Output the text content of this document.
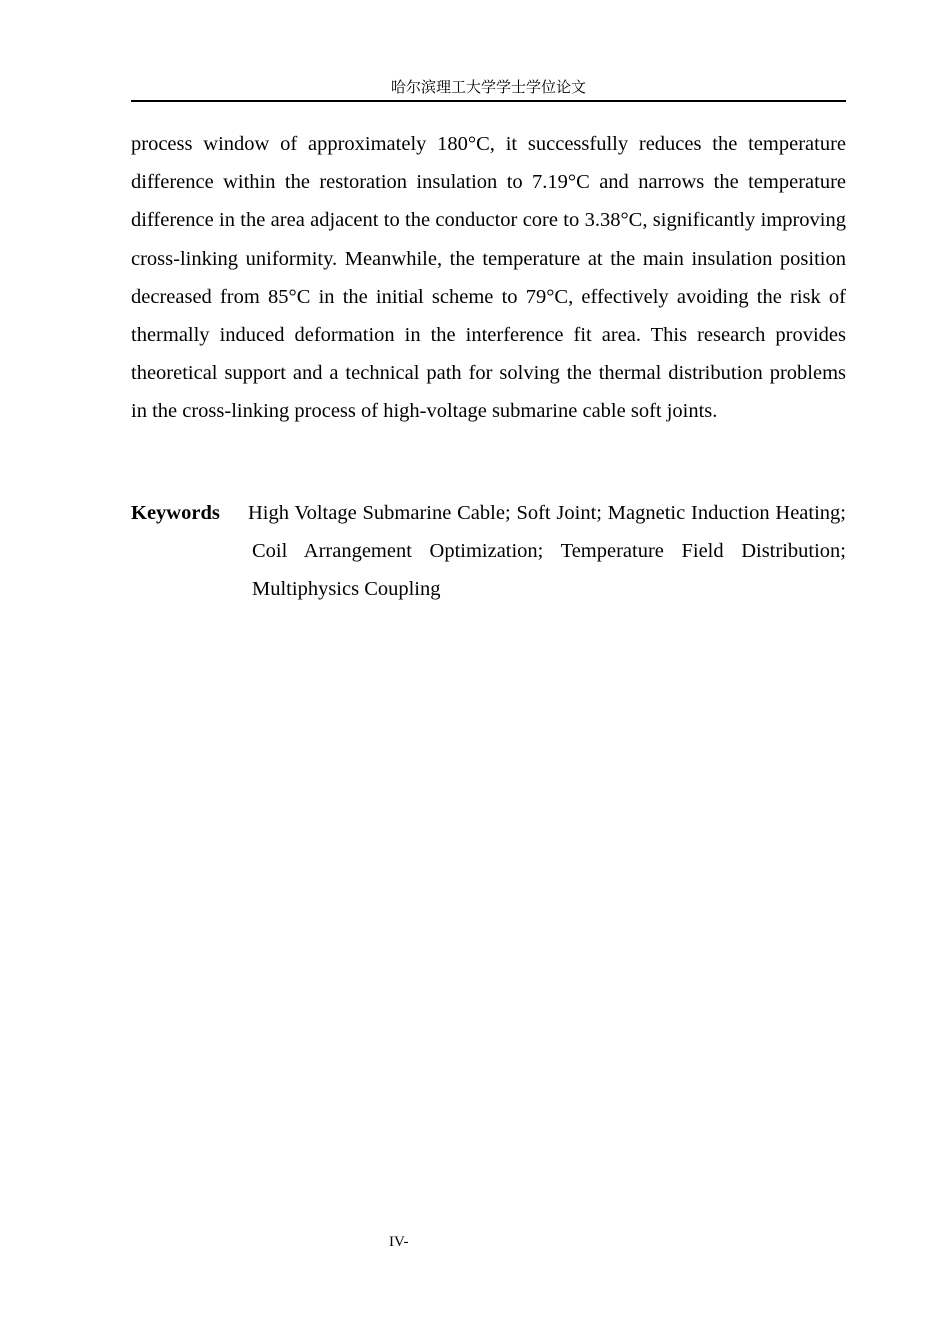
哈尔滨理工大学学士学位论文

process window of approximately 180°C, it successfully reduces the temperature difference within the restoration insulation to 7.19°C and narrows the temperature difference in the area adjacent to the conductor core to 3.38°C, significantly improving cross-linking uniformity. Meanwhile, the temperature at the main insulation position decreased from 85°C in the initial scheme to 79°C, effectively avoiding the risk of thermally induced deformation in the interference fit area. This research provides theoretical support and a technical path for solving the thermal distribution problems in the cross-linking process of high-voltage submarine cable soft joints.

Keywords High Voltage Submarine Cable; Soft Joint; Magnetic Induction Heating; Coil Arrangement Optimization; Temperature Field Distribution; Multiphysics Coupling
IV-
